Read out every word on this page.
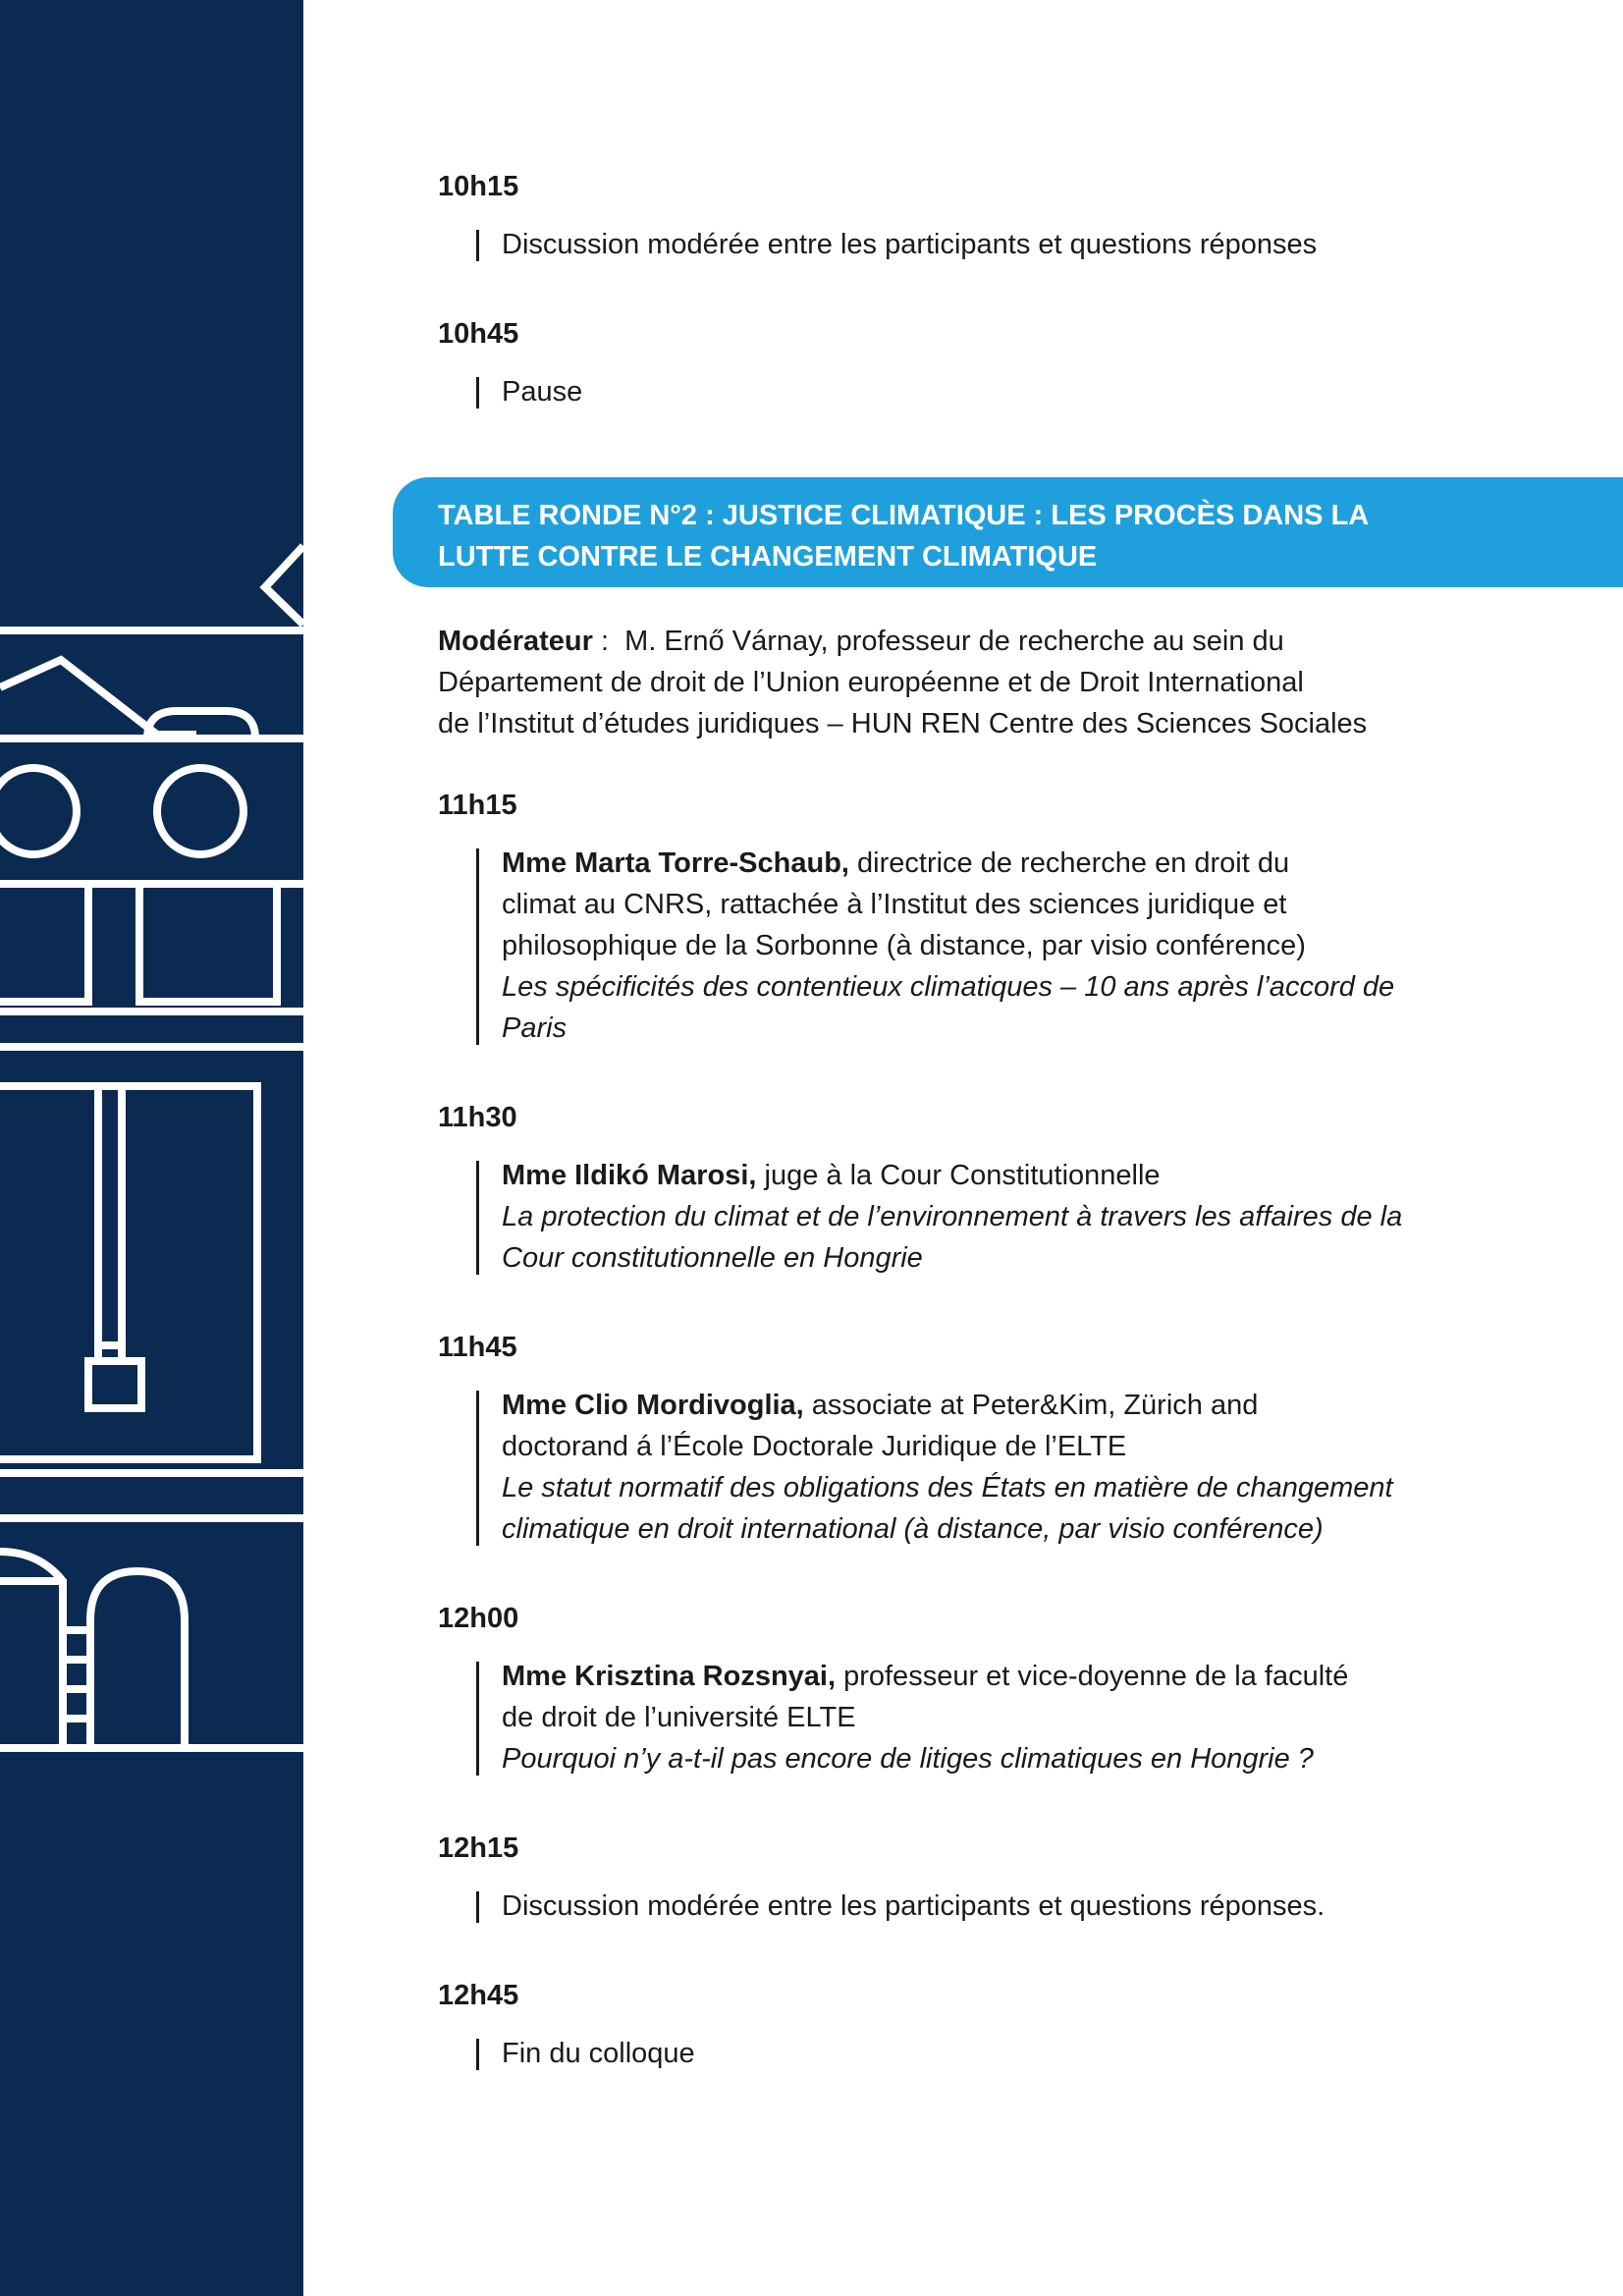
10h15
Discussion modérée entre les participants et questions réponses
10h45
Pause
TABLE RONDE N°2 : JUSTICE CLIMATIQUE : LES PROCÈS DANS LA
LUTTE CONTRE LE CHANGEMENT CLIMATIQUE
Modérateur :  M. Ernő Várnay, professeur de recherche au sein du
Département de droit de l’Union européenne et de Droit International
de l’Institut d’études juridiques – HUN REN Centre des Sciences Sociales
11h15
Mme Marta Torre-Schaub, directrice de recherche en droit du
climat au CNRS, rattachée à l’Institut des sciences juridique et
philosophique de la Sorbonne (à distance, par visio conférence)
Les spécificités des contentieux climatiques – 10 ans après l’accord de
Paris
11h30
Mme Ildikó Marosi, juge à la Cour Constitutionnelle
La protection du climat et de l’environnement à travers les affaires de la
Cour constitutionnelle en Hongrie
11h45
Mme Clio Mordivoglia, associate at Peter&Kim, Zürich and
doctorand á l’École Doctorale Juridique de l’ELTE
Le statut normatif des obligations des États en matière de changement
climatique en droit international (à distance, par visio conférence)
12h00
Mme Krisztina Rozsnyai, professeur et vice-doyenne de la faculté
de droit de l’université ELTE
Pourquoi n’y a-t-il pas encore de litiges climatiques en Hongrie ?
12h15
Discussion modérée entre les participants et questions réponses.
12h45
Fin du colloque
